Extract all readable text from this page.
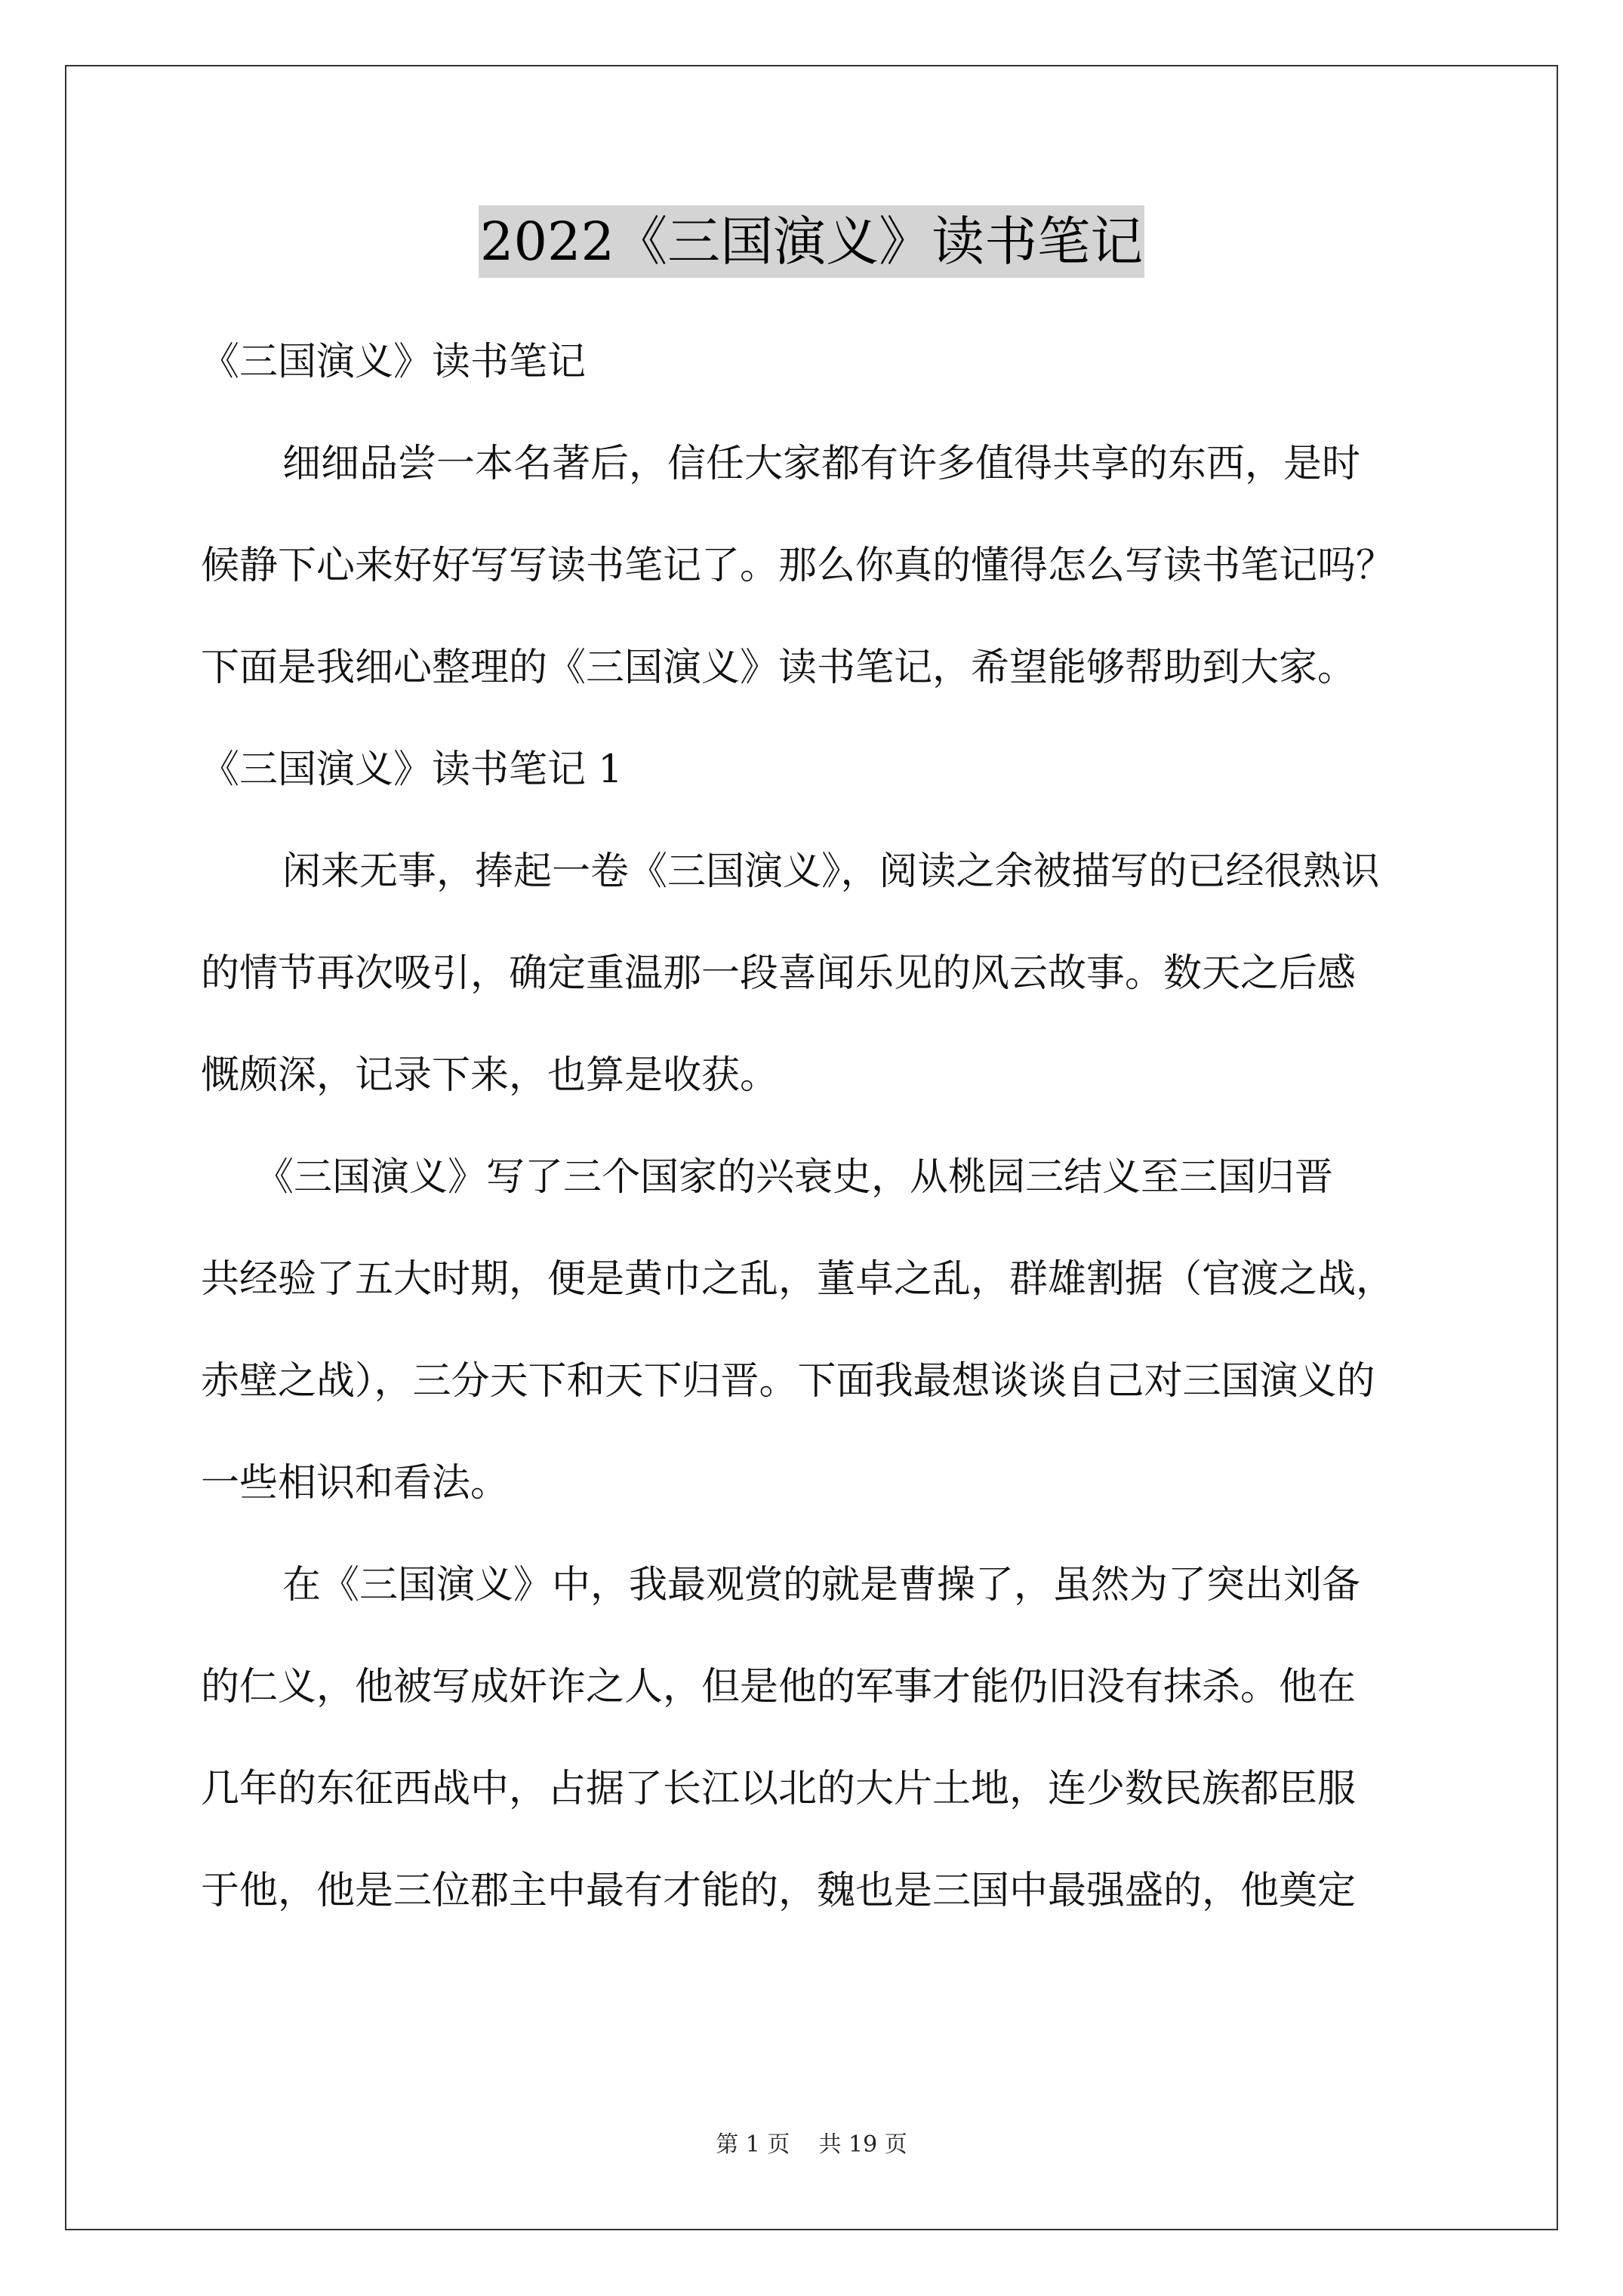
2022《三国演义》读书笔记
《三国演义》读书笔记
细细品尝一本名著后，信任大家都有许多值得共享的东西，是时
候静下心来好好写写读书笔记了。那么你真的懂得怎么写读书笔记吗？
下面是我细心整理的《三国演义》读书笔记，希望能够帮助到大家。
《三国演义》读书笔记 1
闲来无事，捧起一卷《三国演义》，阅读之余被描写的已经很熟识
的情节再次吸引，确定重温那一段喜闻乐见的风云故事。数天之后感
慨颇深，记录下来，也算是收获。
《三国演义》写了三个国家的兴衰史，从桃园三结义至三国归晋
共经验了五大时期，便是黄巾之乱，董卓之乱，群雄割据（官渡之战，
赤壁之战），三分天下和天下归晋。下面我最想谈谈自己对三国演义的
一些相识和看法。
在《三国演义》中，我最观赏的就是曹操了，虽然为了突出刘备
的仁义，他被写成奸诈之人，但是他的军事才能仍旧没有抹杀。他在
几年的东征西战中，占据了长江以北的大片土地，连少数民族都臣服
于他，他是三位郡主中最有才能的，魏也是三国中最强盛的，他奠定
第 1 页    共 19 页
